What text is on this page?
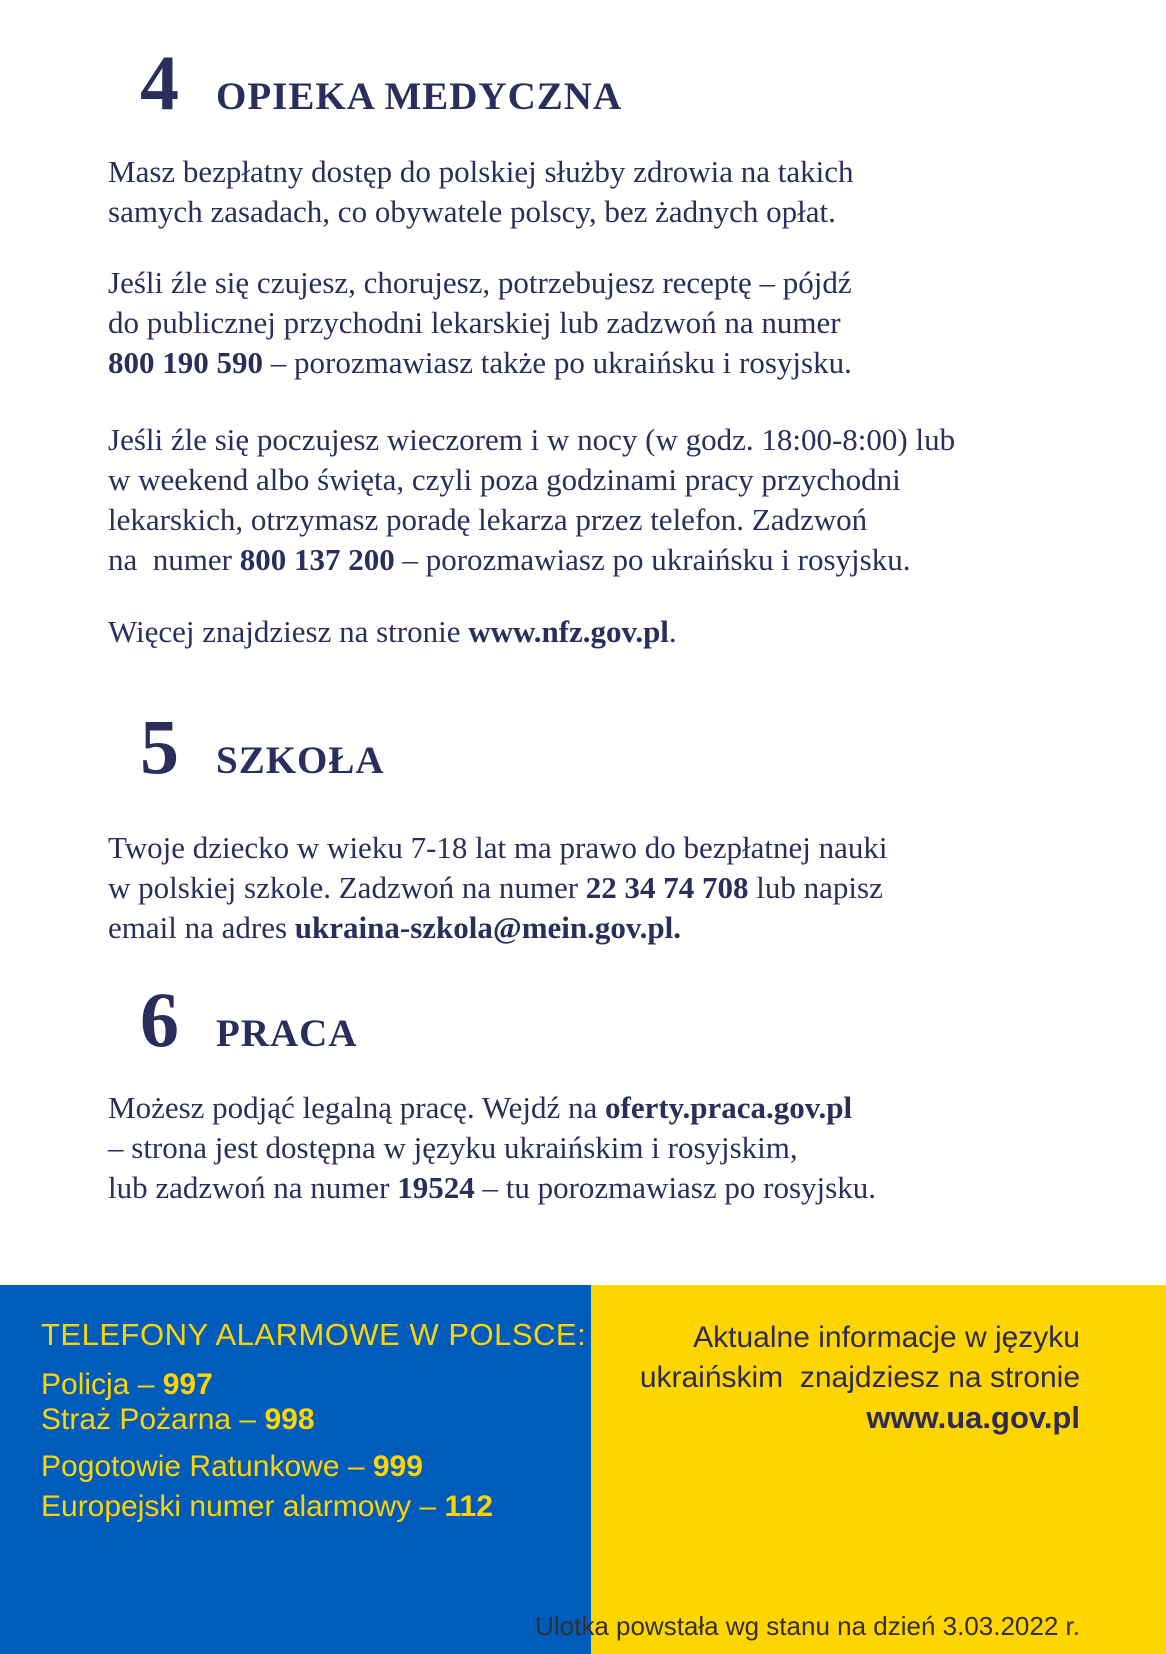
4 OPIEKA MEDYCZNA

Masz bezpłatny dostęp do polskiej służby zdrowia na takich
samych zasadach, co obywatele polscy, bez żadnych opłat.

Jeśli źle się czujesz, chorujesz, potrzebujesz receptę – pójdź
do publicznej przychodni lekarskiej lub zadzwoń na numer
800 190 590 – porozmawiasz także po ukraińsku i rosyjsku.

Jeśli źle się poczujesz wieczorem i w nocy (w godz. 18:00-8:00) lub
w weekend albo święta, czyli poza godzinami pracy przychodni
lekarskich, otrzymasz poradę lekarza przez telefon. Zadzwoń
na  numer 800 137 200 – porozmawiasz po ukraińsku i rosyjsku.

Więcej znajdziesz na stronie www.nfz.gov.pl.

5 SZKOŁA

Twoje dziecko w wieku 7-18 lat ma prawo do bezpłatnej nauki
w polskiej szkole. Zadzwoń na numer 22 34 74 708 lub napisz
email na adres ukraina-szkola@mein.gov.pl.

6 PRACA

Możesz podjąć legalną pracę. Wejdź na oferty.praca.gov.pl
– strona jest dostępna w języku ukraińskim i rosyjskim,
lub zadzwoń na numer 19524 – tu porozmawiasz po rosyjsku.

TELEFONY ALARMOWE W POLSCE:

Policja – 997

Straż Pożarna – 998

Pogotowie Ratunkowe – 999

Europejski numer alarmowy – 112

Aktualne informacje w języku

ukraińskim  znajdziesz na stronie

www.ua.gov.pl

Ulotka powstała wg stanu na dzień 3.03.2022 r.
